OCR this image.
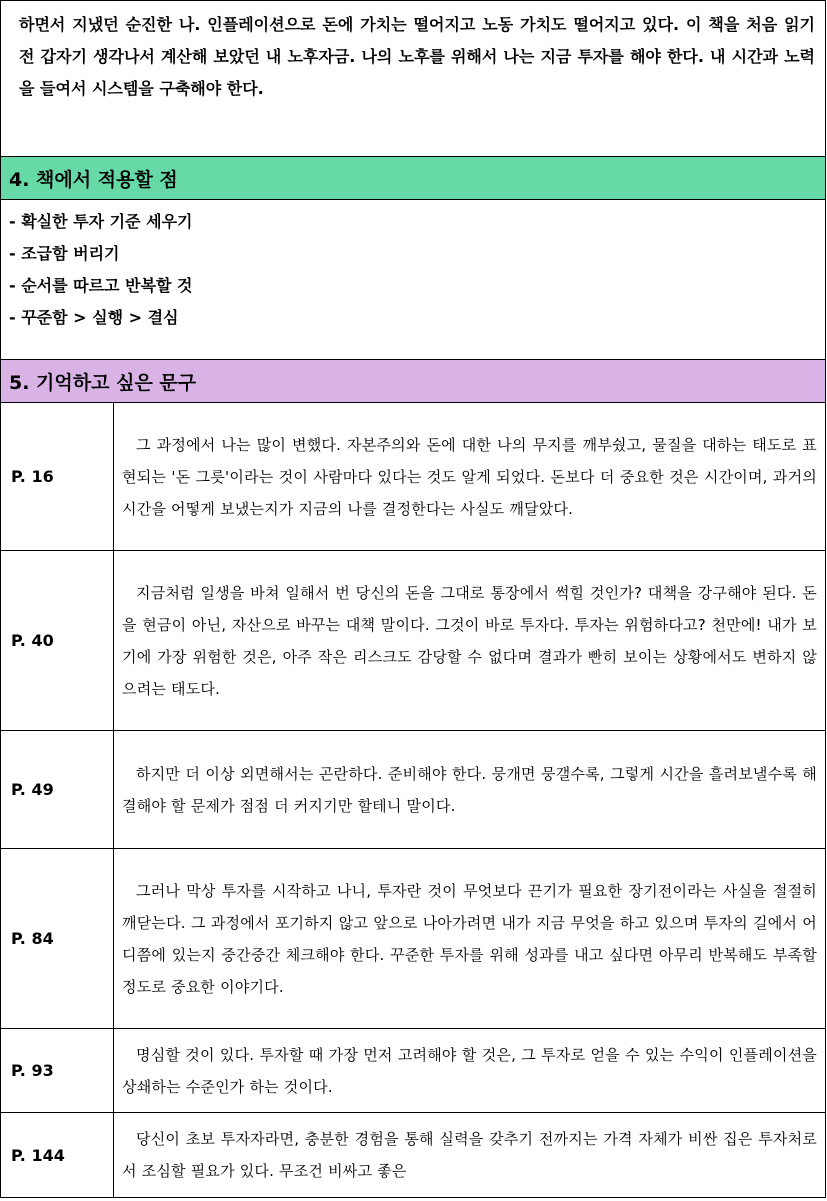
하면서 지냈던 순진한 나. 인플레이션으로 돈에 가치는 떨어지고 노동 가치도 떨어지고 있다. 이 책을 처음 읽기 전 갑자기 생각나서 계산해 보았던 내 노후자금. 나의 노후를 위해서 나는 지금 투자를 해야 한다. 내 시간과 노력을 들여서 시스템을 구축해야 한다.	

4. 책에서 적용할 점	

- 확실한 투자 기준 세우기
- 조급함 버리기
- 순서를 따르고 반복할 것
- 꾸준함 > 실행 > 결심	

5. 기억하고 싶은 문구	
P. 16	그 과정에서 나는 많이 변했다. 자본주의와 돈에 대한 나의 무지를 깨부쉈고, 물질을 대하는 태도로 표현되는 '돈 그릇'이라는 것이 사람마다 있다는 것도 알게 되었다. 돈보다 더 중요한 것은 시간이며, 과거의 시간을 어떻게 보냈는지가 지금의 나를 결정한다는 사실도 깨달았다.
P. 40	지금처럼 일생을 바쳐 일해서 번 당신의 돈을 그대로 통장에서 썩힐 것인가? 대책을 강구해야 된다. 돈을 현금이 아닌, 자산으로 바꾸는 대책 말이다. 그것이 바로 투자다. 투자는 위험하다고? 천만에! 내가 보기에 가장 위험한 것은, 아주 작은 리스크도 감당할 수 없다며 결과가 빤히 보이는 상황에서도 변하지 않으려는 태도다.
P. 49	하지만 더 이상 외면해서는 곤란하다. 준비해야 한다. 뭉개면 뭉갤수록, 그렇게 시간을 흘려보낼수록 해결해야 할 문제가 점점 더 커지기만 할테니 말이다.
P. 84	그러나 막상 투자를 시작하고 나니, 투자란 것이 무엇보다 끈기가 필요한 장기전이라는 사실을 절절히 깨닫는다. 그 과정에서 포기하지 않고 앞으로 나아가려면 내가 지금 무엇을 하고 있으며 투자의 길에서 어디쯤에 있는지 중간중간 체크해야 한다. 꾸준한 투자를 위해 성과를 내고 싶다면 아무리 반복해도 부족할 정도로 중요한 이야기다.
P. 93	명심할 것이 있다. 투자할 때 가장 먼저 고려해야 할 것은, 그 투자로 얻을 수 있는 수익이 인플레이션을 상쇄하는 수준인가 하는 것이다.
P. 144	당신이 초보 투자자라면, 충분한 경험을 통해 실력을 갖추기 전까지는 가격 자체가 비싼 집은 투자처로서 조심할 필요가 있다. 무조건 비싸고 좋은
